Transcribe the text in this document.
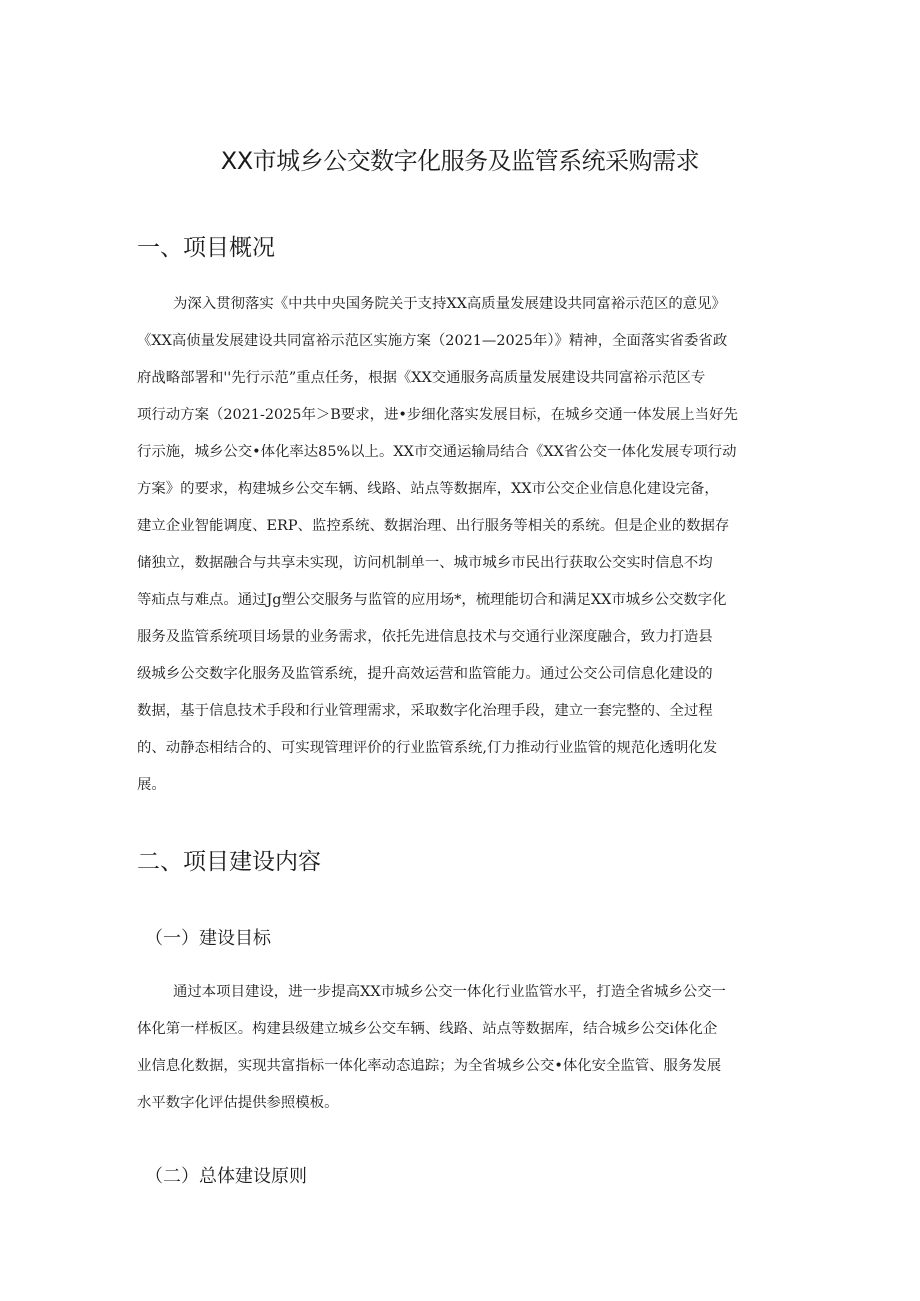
XX市城乡公交数字化服务及监管系统采购需求
一、项目概况
为深入贯彻落实《中共中央国务院关于支持XX高质量发展建设共同富裕示范区的意见》
《XX高侦量发展建设共同富裕示范区实施方案（2021—2025年）》精神，全面落实省委省政
府战略部署和''先行示范”重点任务，根据《XX交通服务高质量发展建设共同富裕示范区专
项行动方案（2021-2025年＞B要求，进•步细化落实发展目标，在城乡交通一体发展上当好先
行示施，城乡公交•体化率达85%以上。XX市交通运输局结合《XX省公交一体化发展专项行动
方案》的要求，构建城乡公交车辆、线路、站点等数据库，XX市公交企业信息化建设完备，
建立企业智能调度、ERP、监控系统、数据治理、出行服务等相关的系统。但是企业的数据存
储独立，数据融合与共享未实现，访问机制单一、城市城乡市民出行获取公交实时信息不均
等疝点与难点。通过Jg塑公交服务与监管的应用场*，梳理能切合和满足XX市城乡公交数字化
服务及监管系统项目场景的业务需求，依托先进信息技术与交通行业深度融合，致力打造县
级城乡公交数字化服务及监管系统，提升高效运营和监管能力。通过公交公司信息化建设的
数据，基于信息技术手段和行业管理需求，采取数字化治理手段，建立一套完整的、全过程
的、动静态相结合的、可实现管理评价的行业监管系统,仃力推动行业监管的规范化透明化发
展。
二、项目建设内容
（一）建设目标
通过本项目建设，进一步提高XX市城乡公交一体化行业监管水平，打造全省城乡公交一
体化第一样板区。构建县级建立城乡公交车辆、线路、站点等数据库，结合城乡公交i体化企
业信息化数据，实现共富指标一体化率动态追踪；为全省城乡公交•体化安全监管、服务发展
水平数字化评估提供参照模板。
（二）总体建设原则
